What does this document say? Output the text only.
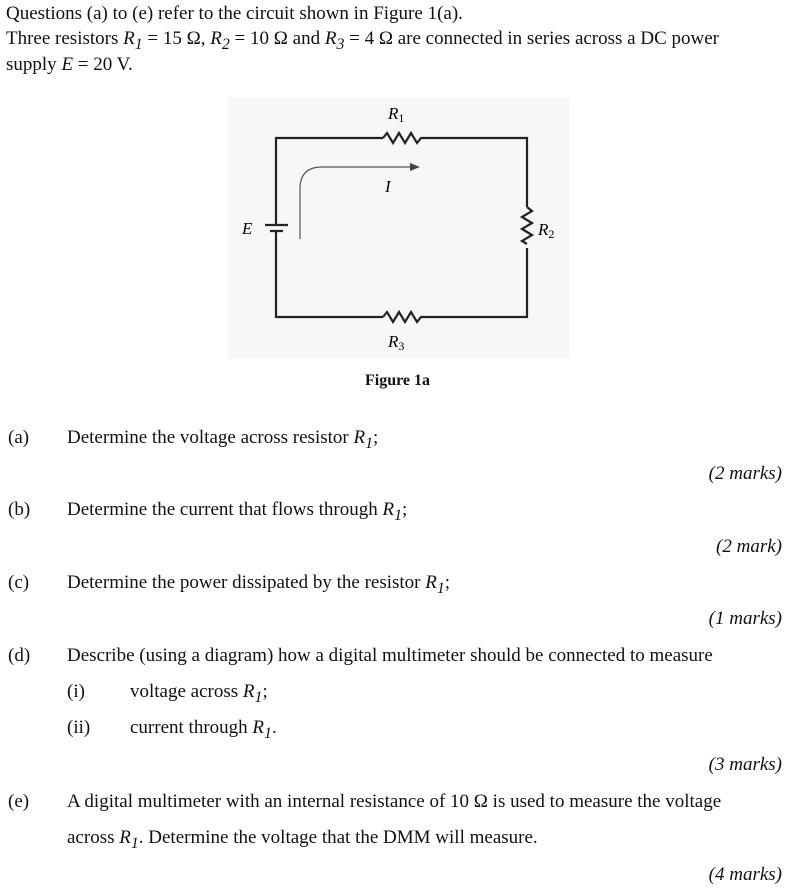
Questions (a) to (e) refer to the circuit shown in Figure 1(a).
Three resistors $R_1 = 15$ Ω, $R_2 = 10$ Ω and $R_3 = 4$ Ω are connected in series across a DC power
supply E = 20 V.
R1
I
E	R2
R3
Figure 1a
(a) Determine the voltage across resistor $R_1$;
(2 marks)
(b) Determine the current that flows through $R_1$;
(2 mark)
(c) Determine the power dissipated by the resistor $R_1$;
(1 marks)
(d) Describe (using a diagram) how a digital multimeter should be connected to measure
(i) voltage across $R_1$;
(ii) current through $R_1$.
(3 marks)
(e) A digital multimeter with an internal resistance of 10 Ω is used to measure the voltage
across $R_1$. Determine the voltage that the DMM will measure.
(4 marks)
